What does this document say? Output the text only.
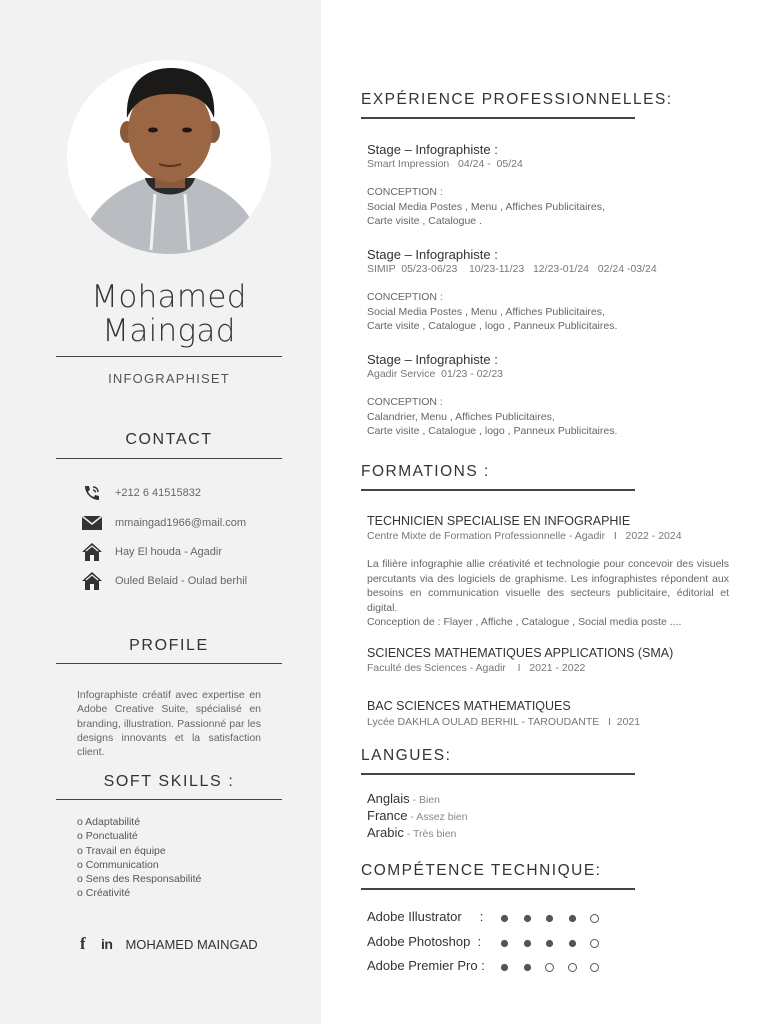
Mohamed
Maingad
INFOGRAPHISET
CONTACT
+212 6 41515832
mmaingad1966@mail.com
Hay El houda - Agadir
Ouled Belaid - Oulad berhil
PROFILE
Infographiste créatif avec expertise en Adobe Creative Suite, spécialisé en branding, illustration. Passionné par les designs innovants et la satisfaction client.
SOFT SKILLS :
o Adaptabilité
o Ponctualité
o Travail en équipe
o Communication
o Sens des Responsabilité
o Créativité
f	in MOHAMED MAINGAD
EXPÉRIENCE PROFESSIONNELLES:
Stage – Infographiste :
Smart Impression   04/24 -  05/24
CONCEPTION :
Social Media Postes , Menu , Affiches Publicitaires,
Carte visite , Catalogue .
Stage – Infographiste :
SIMIP  05/23-06/23    10/23-11/23   12/23-01/24   02/24 -03/24
CONCEPTION :
Social Media Postes , Menu , Affiches Publicitaires,
Carte visite , Catalogue , logo , Panneux Publicitaires.
Stage – Infographiste :
Agadir Service  01/23 - 02/23
CONCEPTION :
Calandrier, Menu , Affiches Publicitaires,
Carte visite , Catalogue , logo , Panneux Publicitaires.
FORMATIONS :
TECHNICIEN SPECIALISE EN INFOGRAPHIE
Centre Mixte de Formation Professionnelle - Agadir   I   2022 - 2024
La filière infographie allie créativité et technologie pour concevoir des visuels percutants via des logiciels de graphisme. Les infographistes répondent aux besoins en communication visuelle des secteurs publicitaire, éditorial et digital.
Conception de : Flayer , Affiche , Catalogue , Social media poste ....
SCIENCES MATHEMATIQUES APPLICATIONS (SMA)
Faculté des Sciences - Agadir    I   2021 - 2022
BAC SCIENCES MATHEMATIQUES
Lycée DAKHLA OULAD BERHIL - TAROUDANTE   I  2021
LANGUES:
Anglais - Bien
France - Assez bien
Arabic - Très bien
COMPÉTENCE TECHNIQUE:
Adobe Illustrator     :
Adobe Photoshop  :
Adobe Premier Pro :
